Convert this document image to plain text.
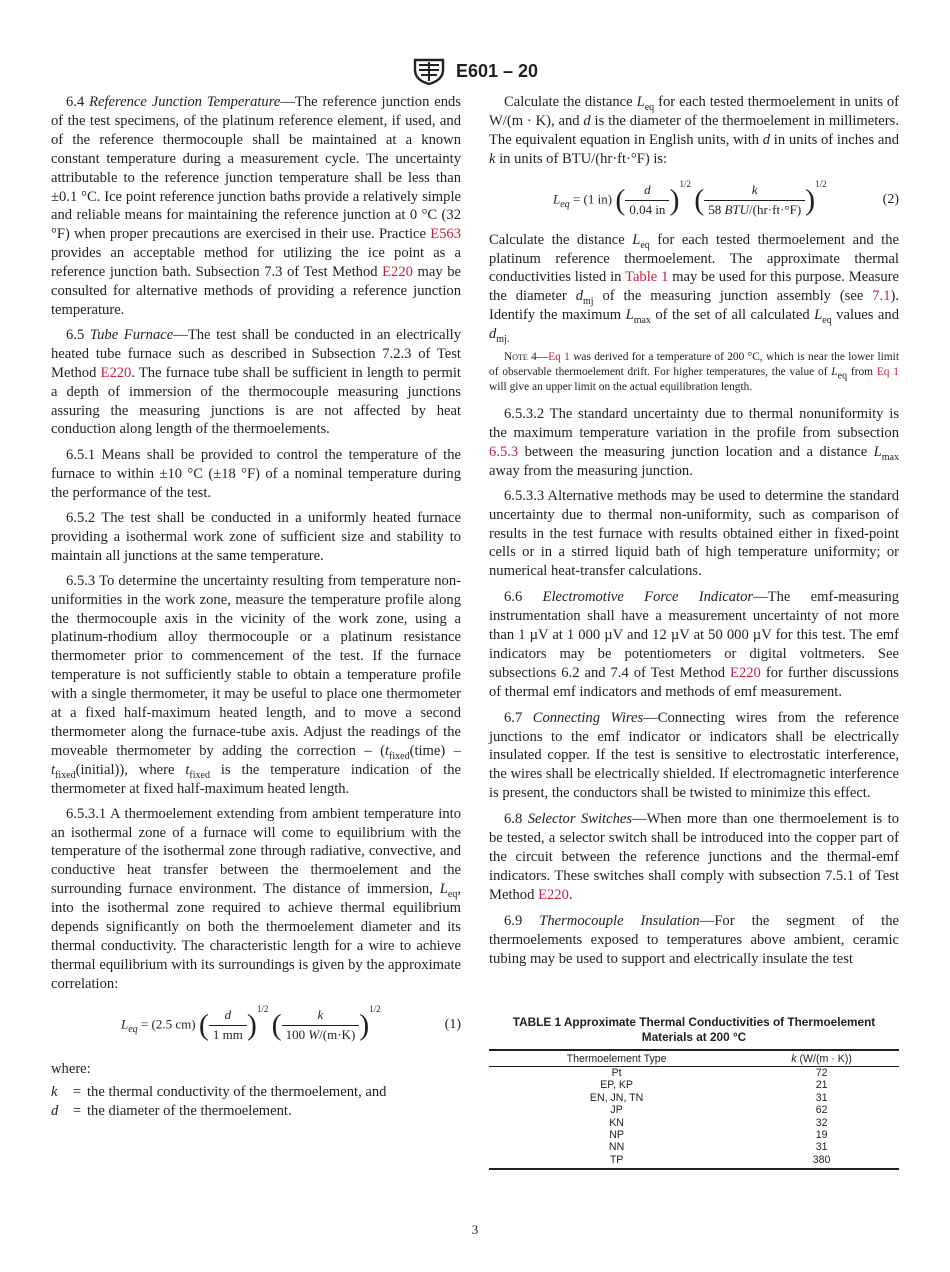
E601 – 20

6.4 Reference Junction Temperature—The reference junction ends of the test specimens, of the platinum reference element, if used, and of the reference thermocouple shall be maintained at a known constant temperature during a measurement cycle. The uncertainty attributable to the reference junction temperature shall be less than ±0.1 °C. Ice point reference junction baths provide a relatively simple and reliable means for maintaining the reference junction at 0 °C (32 °F) when proper precautions are exercised in their use. Practice E563 provides an acceptable method for utilizing the ice point as a reference junction bath. Subsection 7.3 of Test Method E220 may be consulted for alternative methods of providing a reference junction temperature.

6.5 Tube Furnace—The test shall be conducted in an electrically heated tube furnace such as described in Subsection 7.2.3 of Test Method E220. The furnace tube shall be sufficient in length to permit a depth of immersion of the thermocouple measuring junctions assuring the measuring junctions is are not affected by heat conduction along length of the thermoelements.

6.5.1 Means shall be provided to control the temperature of the furnace to within ±10 °C (±18 °F) of a nominal temperature during the performance of the test.

6.5.2 The test shall be conducted in a uniformly heated furnace providing a isothermal work zone of sufficient size and stability to maintain all junctions at the same temperature.

6.5.3 To determine the uncertainty resulting from temperature non-uniformities in the work zone, measure the temperature profile along the thermocouple axis in the vicinity of the work zone, using a platinum-rhodium alloy thermocouple or a platinum resistance thermometer prior to commencement of the test. If the furnace temperature is not sufficiently stable to obtain a temperature profile with a single thermometer, it may be useful to place one thermometer at a fixed half-maximum heated length, and to move a second thermometer along the furnace-tube axis. Adjust the readings of the moveable thermometer by adding the correction – ($t_{fixed}(time)$ – $t_{fixed}(initial)$), where $t_{fixed}$ is the temperature indication of the thermometer at fixed half-maximum heated length.

6.5.3.1 A thermoelement extending from ambient temperature into an isothermal zone of a furnace will come to equilibrium with the temperature of the isothermal zone through radiative, convective, and conductive heat transfer between the thermoelement and the surrounding furnace environment. The distance of immersion, $L_{eq}$, into the isothermal zone required to achieve thermal equilibrium depends significantly on both the thermoelement diameter and its thermal conductivity. The characteristic length for a wire to achieve thermal equilibrium with its surroundings is given by the approximate correlation:

$L_{eq} = (2.5$ cm) ( $\frac{d}{1 mm} )^{1/2}$ ( $\frac{k}{100 W/(m\cdot K)} )^{1/2}$
(1)

where:

k	= the thermal conductivity of the thermoelement, and
d = the diameter of the thermoelement.

Calculate the distance $L_{eq}$ for each tested thermoelement in units of W/(m · K), and d is the diameter of the thermoelement in millimeters. The equivalent equation in English units, with d in units of inches and k in units of BTU/(hr·ft·°F) is:

$L_{eq} = (1$ in) ( $\frac{d}{0.04 in} )^{1/2}$ ( $\frac{k}{\text{58 BTU/(hr·ft·°F)}} )^{1/2}$
(2)

Calculate the distance $L_{eq}$ for each tested thermoelement and the platinum reference thermoelement. The approximate thermal conductivities listed in Table 1 may be used for this purpose. Measure the diameter $d_{mj}$ of the measuring junction assembly (see 7.1). Identify the maximum $L_{max}$ of the set of all calculated $L_{eq}$ values and $d_{mj.}$

Note 4—Eq 1 was derived for a temperature of 200 °C, which is near the lower limit of observable thermoelement drift. For higher temperatures, the value of $L_{eq}$ from Eq 1 will give an upper limit on the actual equilibration length.

6.5.3.2 The standard uncertainty due to thermal nonuniformity is the maximum temperature variation in the profile from subsection 6.5.3 between the measuring junction location and a distance $L_{max}$ away from the measuring junction.

6.5.3.3 Alternative methods may be used to determine the standard uncertainty due to thermal non-uniformity, such as comparison of results in the test furnace with results obtained either in fixed-point cells or in a stirred liquid bath of high temperature uniformity; or numerical heat-transfer calculations.

6.6 Electromotive Force Indicator—The emf-measuring instrumentation shall have a measurement uncertainty of not more than 1 µV at 1 000 µV and 12 µV at 50 000 µV for this test. The emf indicators may be potentiometers or digital voltmeters. See subsections 6.2 and 7.4 of Test Method E220 for further discussions of thermal emf indicators and methods of emf measurement.

6.7 Connecting Wires—Connecting wires from the reference junctions to the emf indicator or indicators shall be electrically insulated copper. If the test is sensitive to electrostatic interference, the wires shall be electrically shielded. If electromagnetic interference is present, the conductors shall be twisted to minimize this effect.

6.8 Selector Switches—When more than one thermoelement is to be tested, a selector switch shall be introduced into the copper part of the circuit between the reference junctions and the thermal-emf indicators. These switches shall comply with subsection 7.5.1 of Test Method E220.

6.9 Thermocouple Insulation—For the segment of the thermoelements exposed to temperatures above ambient, ceramic tubing may be used to support and electrically insulate the test

TABLE 1 Approximate Thermal Conductivities of Thermoelement Materials at 200 °C
Thermoelement Type	k (W/(m · K))
Pt	72
EP, KP	21
EN, JN, TN	31
JP	62
KN	32
NP	19
NN	31
TP	380
3
